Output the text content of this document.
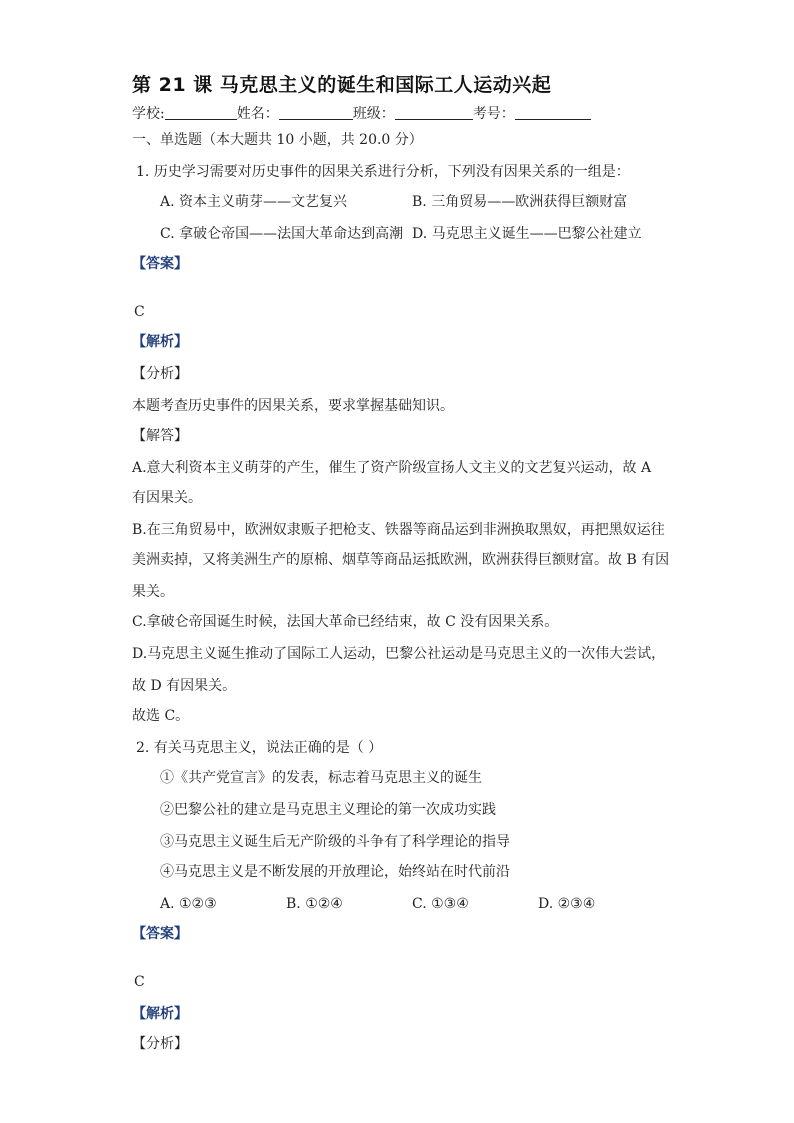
第 21 课 马克思主义的诞生和国际工人运动兴起
学校:	姓名：	班级：	考号：
一、单选题（本大题共 10 小题，共 20.0 分）
1. 历史学习需要对历史事件的因果关系进行分析，下列没有因果关系的一组是：
A. 资本主义萌芽——文艺复兴	B. 三角贸易——欧洲获得巨额财富
C. 拿破仑帝国——法国大革命达到高潮 D. 马克思主义诞生——巴黎公社建立
【答案】
C
【解析】
【分析】
本题考查历史事件的因果关系，要求掌握基础知识。
【解答】
A.意大利资本主义萌芽的产生，催生了资产阶级宣扬人文主义的文艺复兴运动，故 A
有因果关。
B.在三角贸易中，欧洲奴隶贩子把枪支、铁器等商品运到非洲换取黑奴，再把黑奴运往
美洲卖掉，又将美洲生产的原棉、烟草等商品运抵欧洲，欧洲获得巨额财富。故 B 有因
果关。
C.拿破仑帝国诞生时候，法国大革命已经结束，故 C 没有因果关系。
D.马克思主义诞生推动了国际工人运动，巴黎公社运动是马克思主义的一次伟大尝试，
故 D 有因果关。
故选 C。
2. 有关马克思主义，说法正确的是（ ）
①《共产党宣言》的发表，标志着马克思主义的诞生
②巴黎公社的建立是马克思主义理论的第一次成功实践
③马克思主义诞生后无产阶级的斗争有了科学理论的指导
④马克思主义是不断发展的开放理论，始终站在时代前沿
A. ①②③	B. ①②④	C. ①③④	D. ②③④
【答案】
C
【解析】
【分析】
